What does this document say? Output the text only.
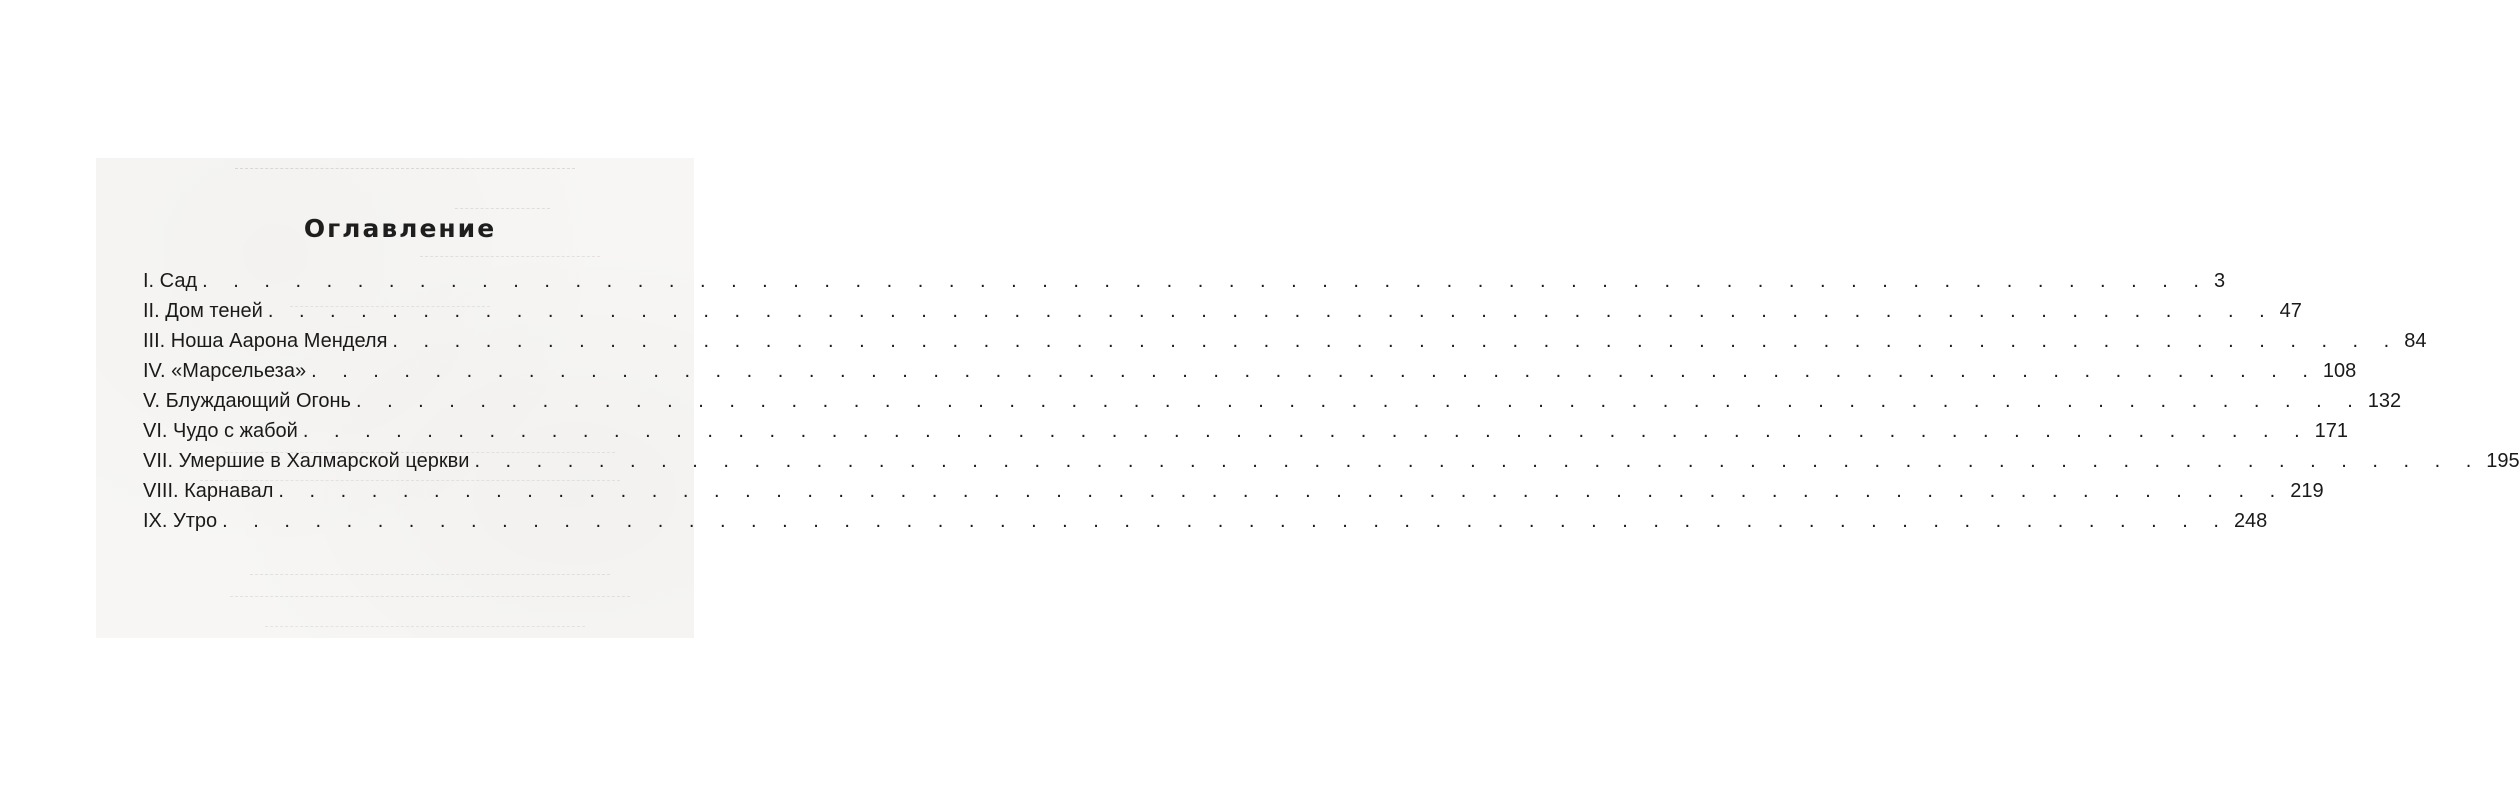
Оглавление
I. Сад . . . . . . . . . . . . . . . . . . . . . . . . . . . . . . . . . . . . . . . . . . . . . . . . . . . . . . . . . . . . . . . . . 3
II. Дом теней . . . . . . . . . . . . . . . . . . . . . . . . . . . . . . . . . . . . . . . . . . . . . . . . . . . . . . . . . . . . . . . . . 47
III. Ноша Аарона Менделя . . . . . . . . . . . . . . . . . . . . . . . . . . . . . . . . . . . . . . . . . . . . . . . . . . . . . . . . . . . . . . . . . 84
IV. «Марсельеза» . . . . . . . . . . . . . . . . . . . . . . . . . . . . . . . . . . . . . . . . . . . . . . . . . . . . . . . . . . . . . . . . . 108
V. Блуждающий Огонь . . . . . . . . . . . . . . . . . . . . . . . . . . . . . . . . . . . . . . . . . . . . . . . . . . . . . . . . . . . . . . . . . 132
VI. Чудо с жабой . . . . . . . . . . . . . . . . . . . . . . . . . . . . . . . . . . . . . . . . . . . . . . . . . . . . . . . . . . . . . . . . . 171
VII. Умершие в Халмарской церкви . . . . . . . . . . . . . . . . . . . . . . . . . . . . . . . . . . . . . . . . . . . . . . . . . . . . . . . . . . . . . . . . . 195
VIII. Карнавал . . . . . . . . . . . . . . . . . . . . . . . . . . . . . . . . . . . . . . . . . . . . . . . . . . . . . . . . . . . . . . . . . 219
IX. Утро . . . . . . . . . . . . . . . . . . . . . . . . . . . . . . . . . . . . . . . . . . . . . . . . . . . . . . . . . . . . . . . . . 248
